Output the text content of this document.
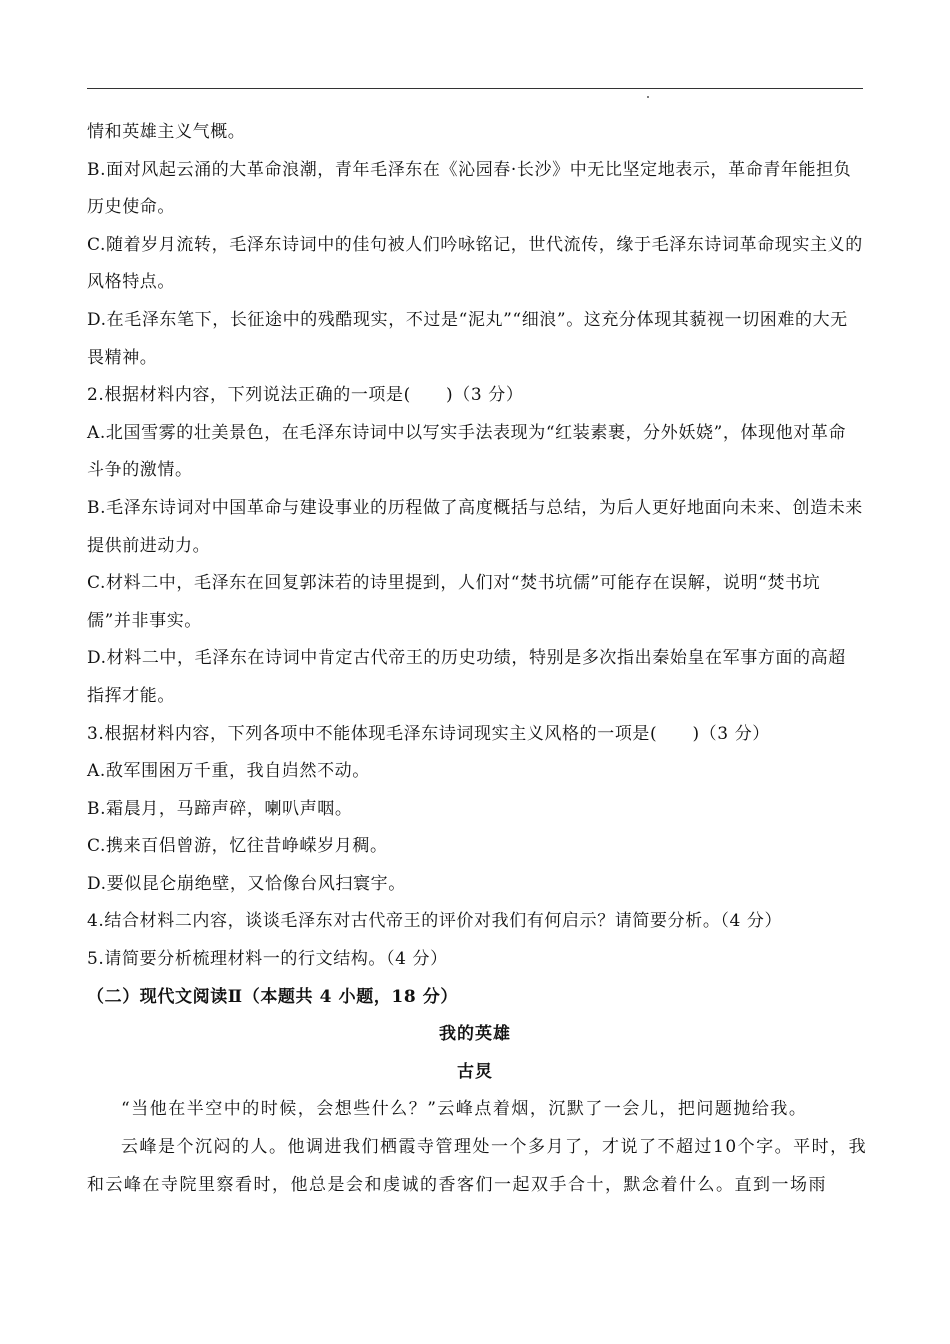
情和英雄主义气概。

B.面对风起云涌的大革命浪潮，青年毛泽东在《沁园春·长沙》中无比坚定地表示，革命青年能担负历史使命。

C.随着岁月流转，毛泽东诗词中的佳句被人们吟咏铭记，世代流传，缘于毛泽东诗词革命现实主义的风格特点。

D.在毛泽东笔下，长征途中的残酷现实，不过是“泥丸”“细浪”。这充分体现其藐视一切困难的大无畏精神。

2.根据材料内容，下列说法正确的一项是(　　)（3 分）

A.北国雪雾的壮美景色，在毛泽东诗词中以写实手法表现为“红装素裹，分外妖娆”，体现他对革命斗争的激情。

B.毛泽东诗词对中国革命与建设事业的历程做了高度概括与总结，为后人更好地面向未来、创造未来提供前进动力。

C.材料二中，毛泽东在回复郭沫若的诗里提到，人们对“焚书坑儒”可能存在误解，说明“焚书坑儒”并非事实。

D.材料二中，毛泽东在诗词中肯定古代帝王的历史功绩，特别是多次指出秦始皇在军事方面的高超指挥才能。

3.根据材料内容，下列各项中不能体现毛泽东诗词现实主义风格的一项是(　　)（3 分）

A.敌军围困万千重，我自岿然不动。

B.霜晨月，马蹄声碎，喇叭声咽。

C.携来百侣曾游，忆往昔峥嵘岁月稠。

D.要似昆仑崩绝壁，又恰像台风扫寰宇。

4.结合材料二内容，谈谈毛泽东对古代帝王的评价对我们有何启示？请简要分析。（4 分）

5.请简要分析梳理材料一的行文结构。（4 分）

（二）现代文阅读Ⅱ（本题共 4 小题，18 分）

我的英雄

古炅

“当他在半空中的时候，会想些什么？”云峰点着烟，沉默了一会儿，把问题抛给我。

云峰是个沉闷的人。他调进我们栖霞寺管理处一个多月了，才说了不超过10个字。平时，我和云峰在寺院里察看时，他总是会和虔诚的香客们一起双手合十，默念着什么。直到一场雨
